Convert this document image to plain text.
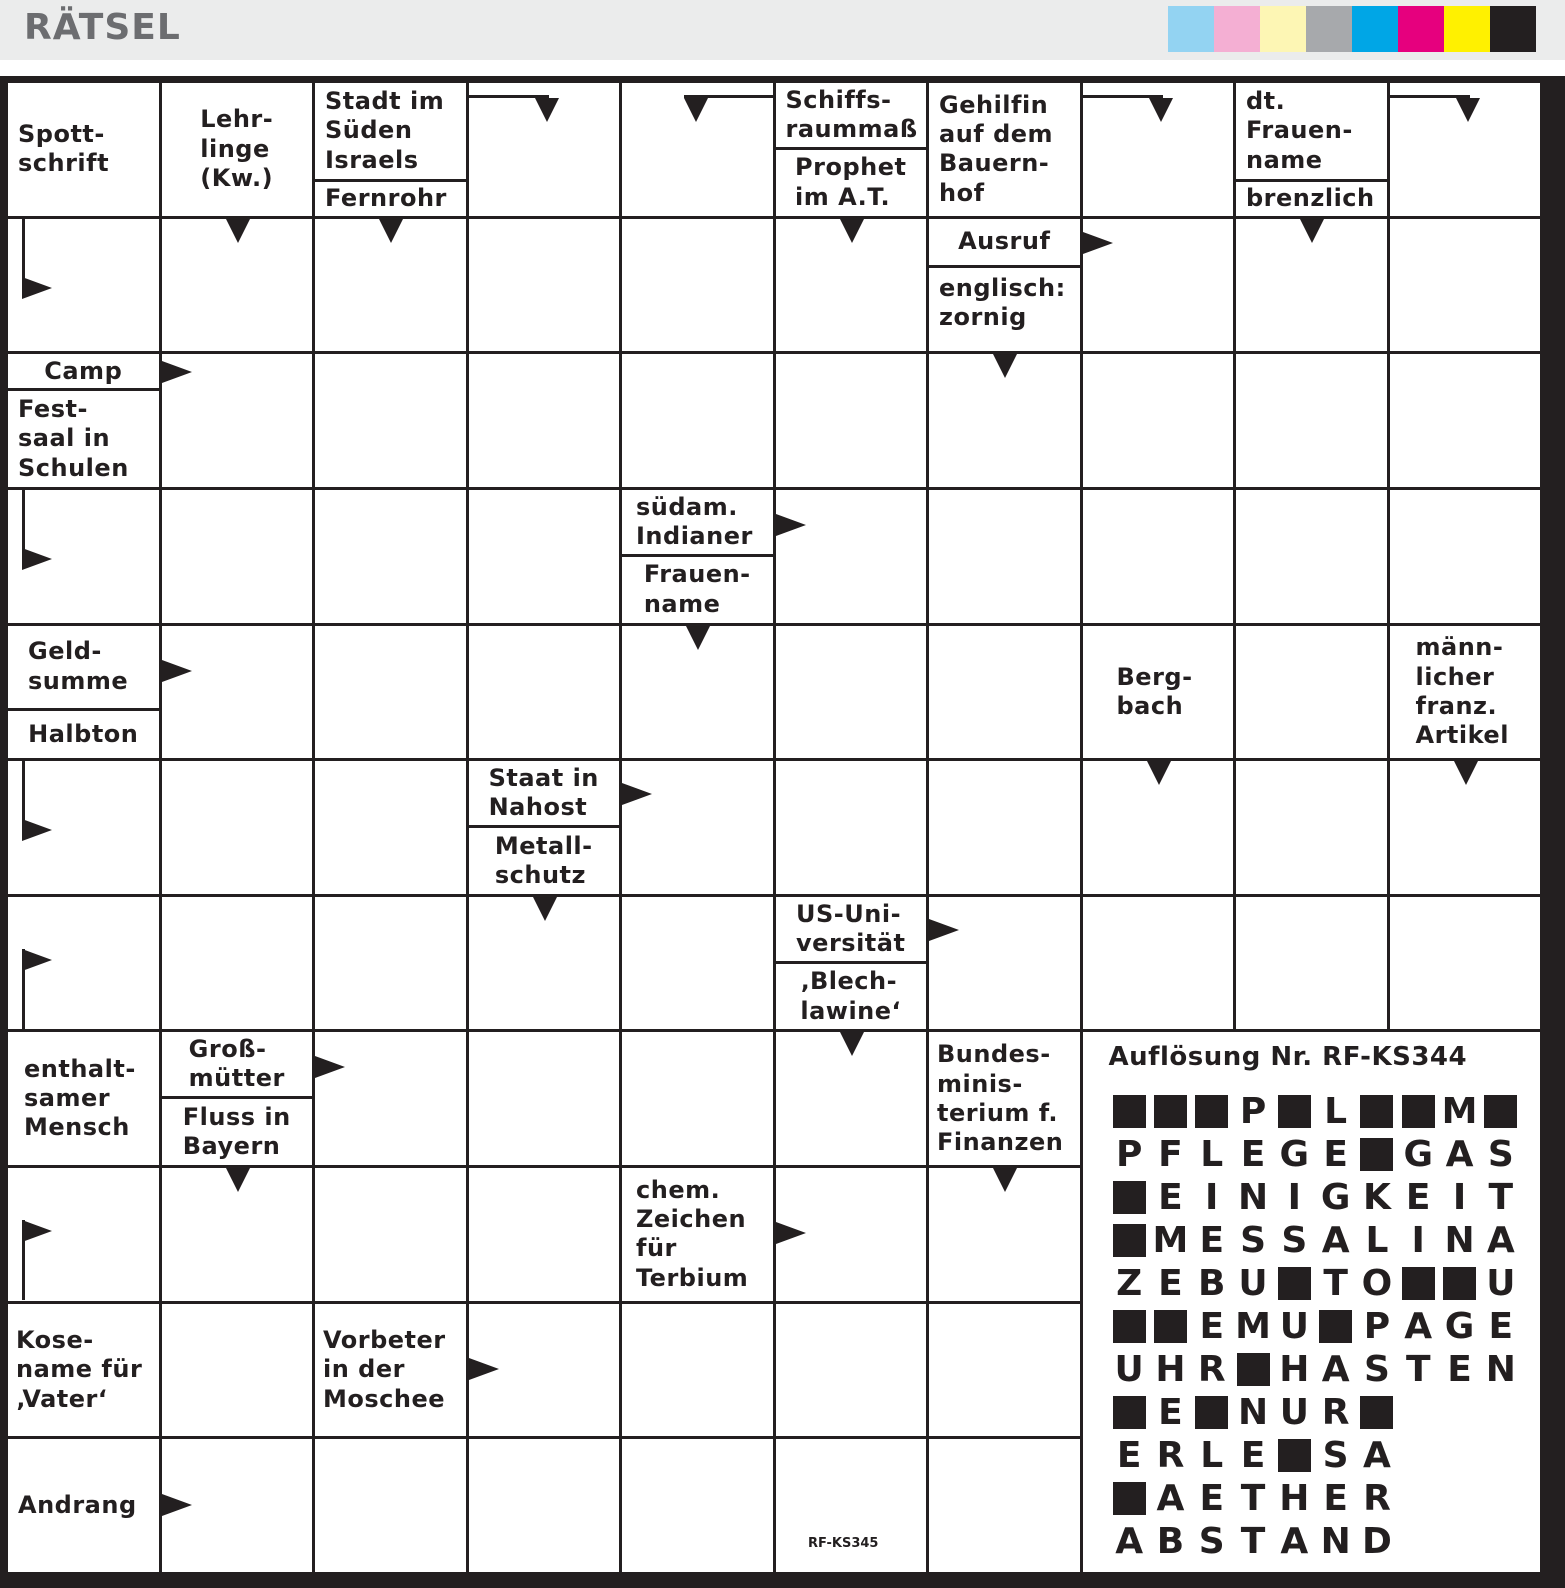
RÄTSEL
Spott-
schrift
Lehr-
linge
(Kw.)
Stadt im
Süden
Israels
Fernrohr
Schiffs-
raummaß
Prophet
im A.T.
Gehilfin
auf dem
Bauern-
hof
dt.
Frauen-
name
brenzlich
Ausruf
englisch:
zornig
Camp
Fest-
saal in
Schulen
südam.
Indianer
Frauen-
name
Geld-
summe
Halbton
Berg-
bach
männ-
licher
franz.
Artikel
Staat in
Nahost
Metall-
schutz
US-Uni-
versität
‚Blech-
lawine‘
enthalt-
samer
Mensch
Groß-
mütter
Fluss in
Bayern
Bundes-
minis-
terium f.
Finanzen
Auflösung Nr. RF-KS344
P L	M
P F L E G E G A S
E I N I G K E I T
M E S S A L I N A
Z E B U T O	U
E M U P A G E
U H R H A S T E N
E N U R
E R L E S A
A E T H E R
A B S T A N D
chem.
Zeichen
für
Terbium
Kose-
name für
‚Vater‘
Vorbeter
in der
Moschee
Andrang
RF-KS345
